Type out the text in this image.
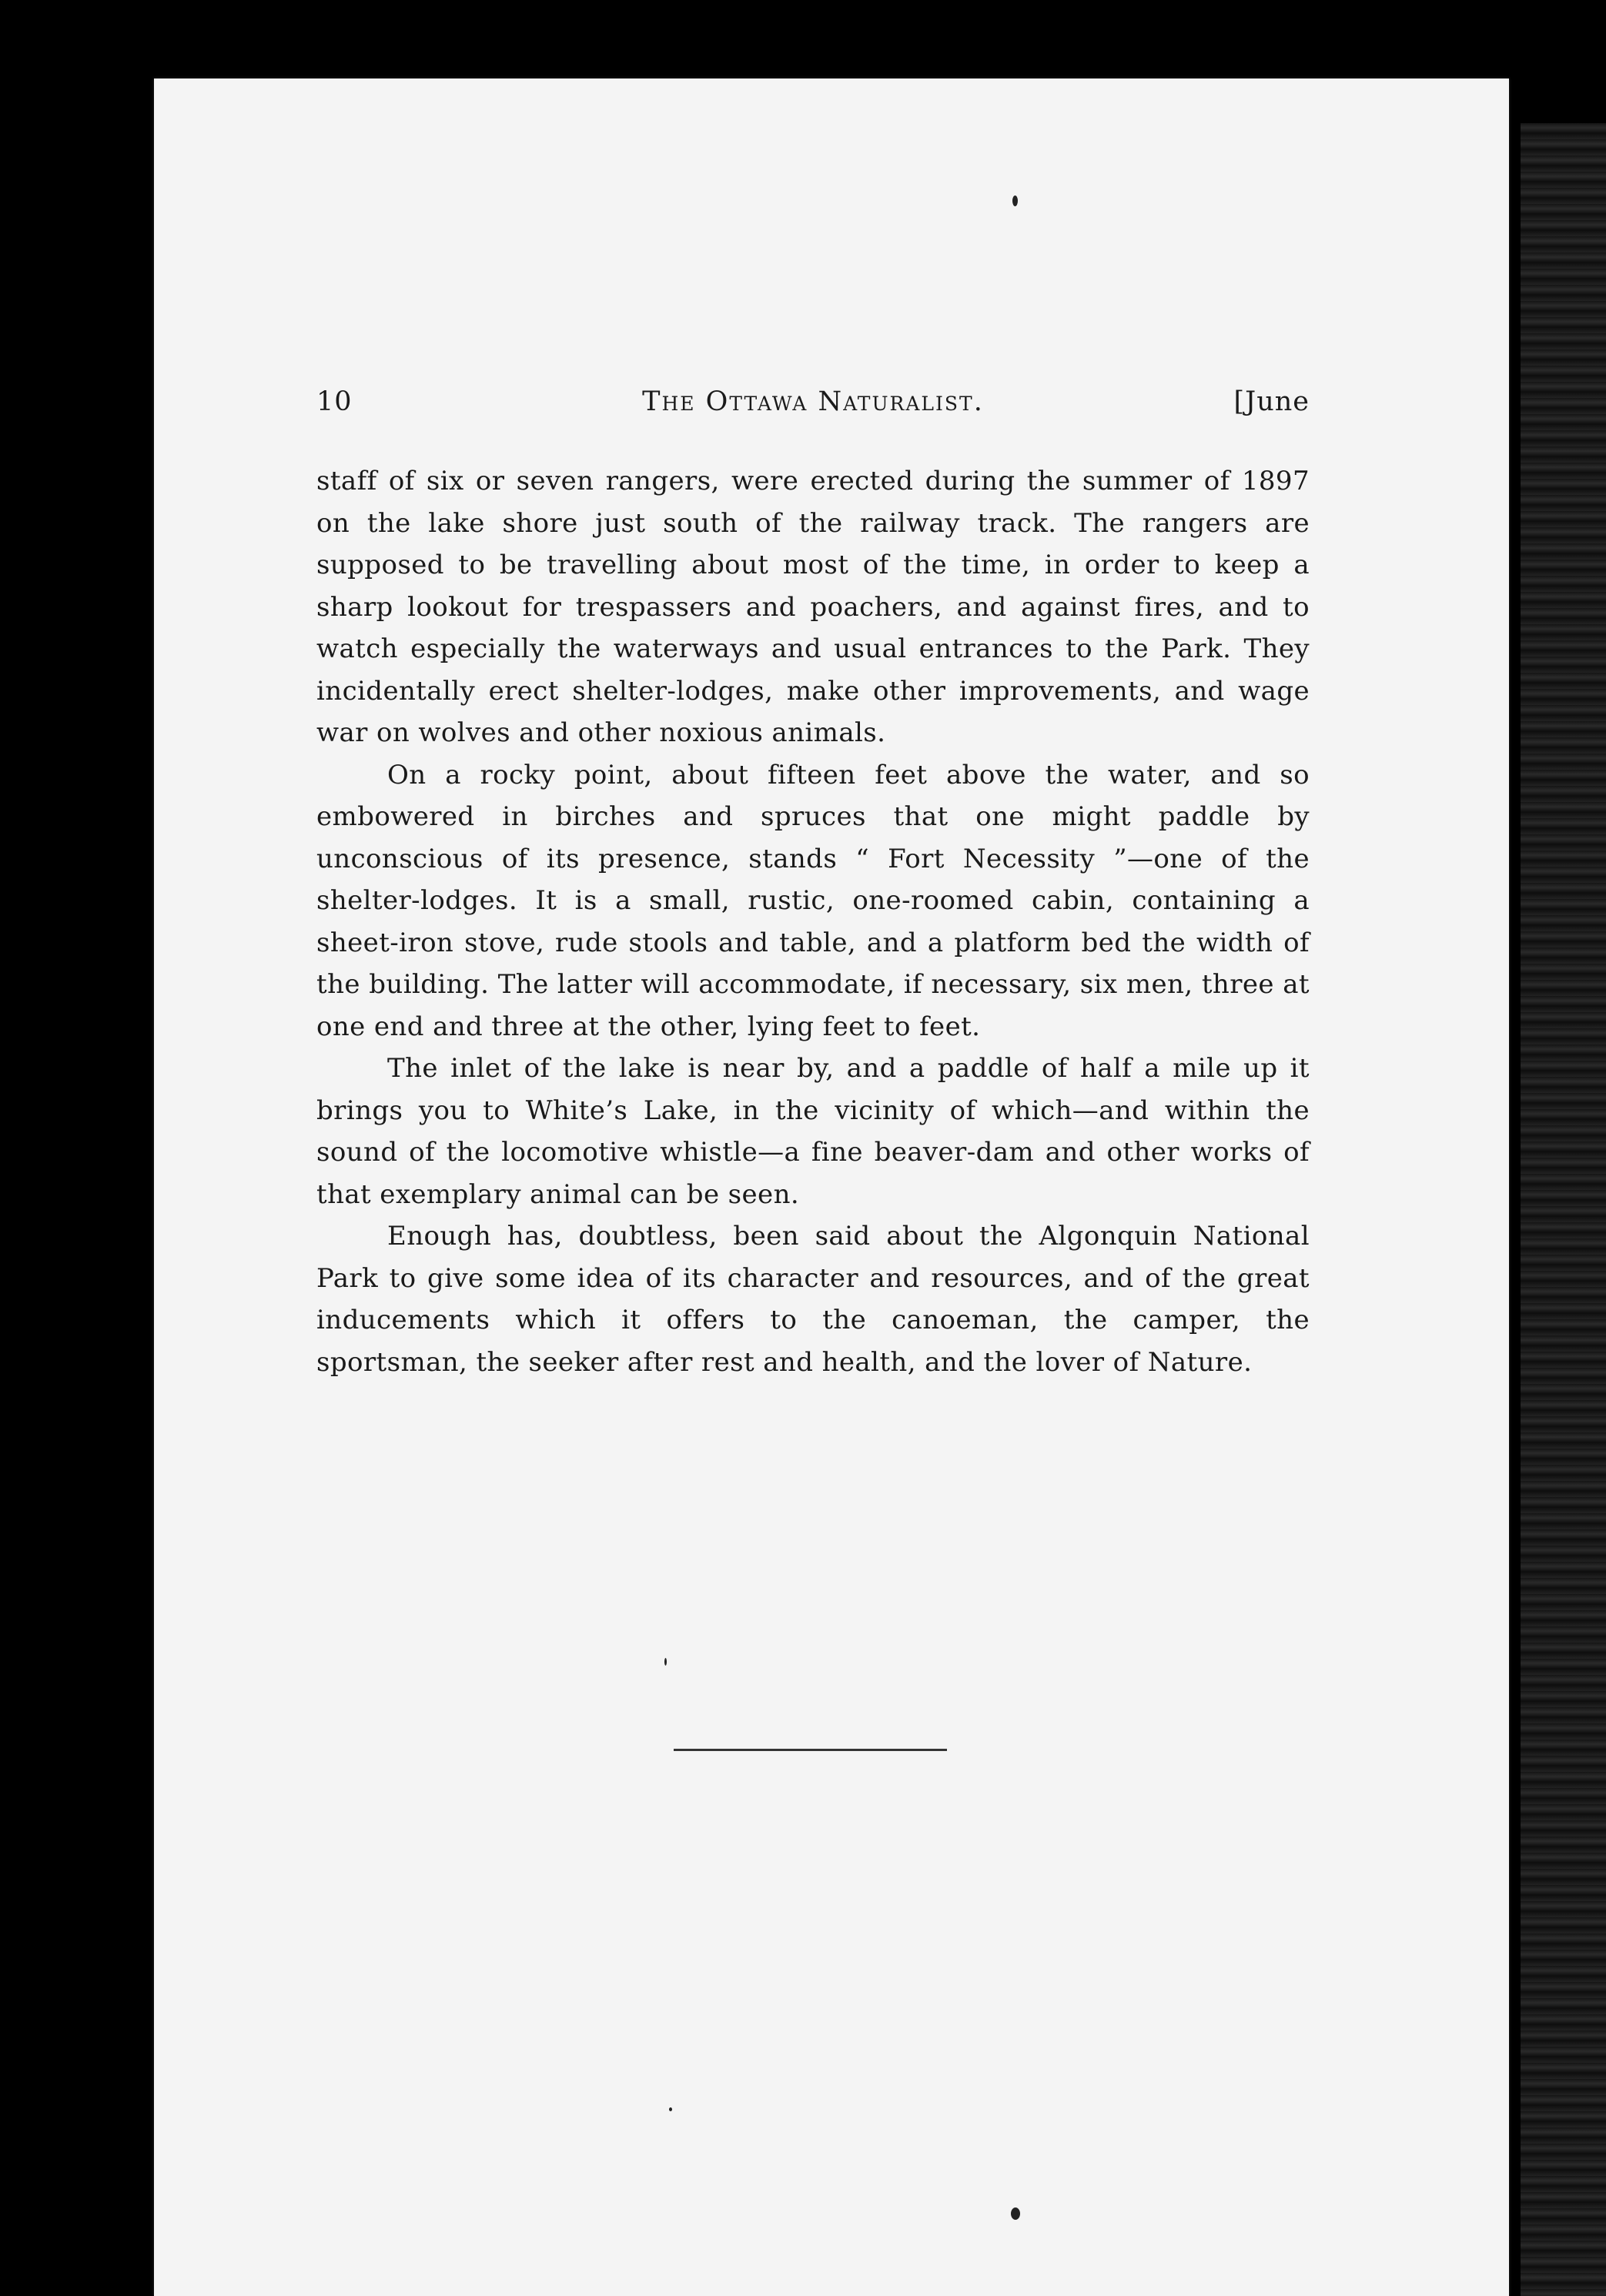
10	The Ottawa Naturalist.	[June

staff of six or seven rangers, were erected during the summer of 1897 on the lake shore just south of the railway track. The rangers are supposed to be travelling about most of the time, in order to keep a sharp lookout for trespassers and poachers, and against fires, and to watch especially the waterways and usual entrances to the Park. They incidentally erect shelter-lodges, make other improvements, and wage war on wolves and other noxious animals.

On a rocky point, about fifteen feet above the water, and so embowered in birches and spruces that one might paddle by unconscious of its presence, stands “ Fort Necessity ”—one of the shelter-lodges. It is a small, rustic, one-roomed cabin, containing a sheet-iron stove, rude stools and table, and a platform bed the width of the building. The latter will accommodate, if necessary, six men, three at one end and three at the other, lying feet to feet.

The inlet of the lake is near by, and a paddle of half a mile up it brings you to White’s Lake, in the vicinity of which—and within the sound of the locomotive whistle—a fine beaver-dam and other works of that exemplary animal can be seen.

Enough has, doubtless, been said about the Algonquin National Park to give some idea of its character and resources, and of the great inducements which it offers to the canoeman, the camper, the sportsman, the seeker after rest and health, and the lover of Nature.
